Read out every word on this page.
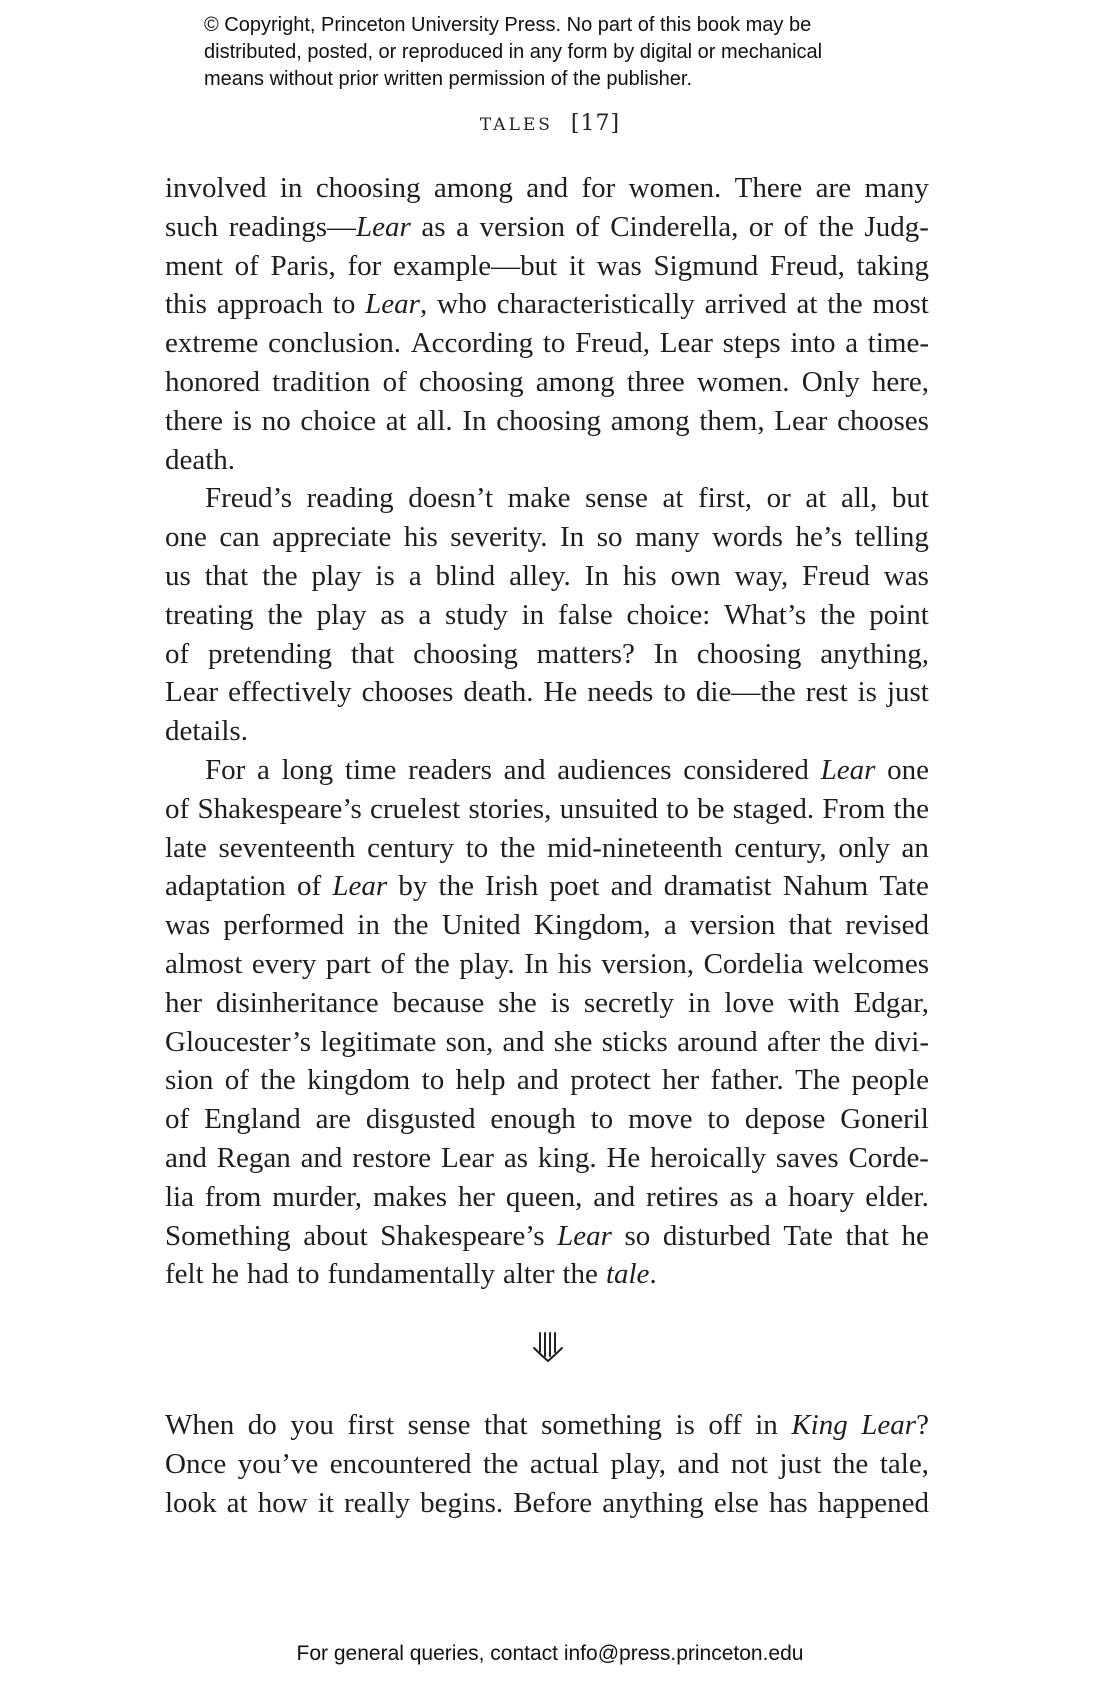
© Copyright, Princeton University Press. No part of this book may be
distributed, posted, or reproduced in any form by digital or mechanical
means without prior written permission of the publisher.
TALES [17]
involved in choosing among and for women. There are many
such readings—Lear as a version of Cinderella, or of the Judg-
ment of Paris, for example—but it was Sigmund Freud, taking
this approach to Lear, who characteristically arrived at the most
extreme conclusion. According to Freud, Lear steps into a time-
honored tradition of choosing among three women. Only here,
there is no choice at all. In choosing among them, Lear chooses
death.
Freud’s reading doesn’t make sense at first, or at all, but
one can appreciate his severity. In so many words he’s telling
us that the play is a blind alley. In his own way, Freud was
treating the play as a study in false choice: What’s the point
of pretending that choosing matters? In choosing anything,
Lear effectively chooses death. He needs to die—the rest is just
details.
For a long time readers and audiences considered Lear one
of Shakespeare’s cruelest stories, unsuited to be staged. From the
late seventeenth century to the mid-nineteenth century, only an
adaptation of Lear by the Irish poet and dramatist Nahum Tate
was performed in the United Kingdom, a version that revised
almost every part of the play. In his version, Cordelia welcomes
her disinheritance because she is secretly in love with Edgar,
Gloucester’s legitimate son, and she sticks around after the divi-
sion of the kingdom to help and protect her father. The people
of England are disgusted enough to move to depose Goneril
and Regan and restore Lear as king. He heroically saves Corde-
lia from murder, makes her queen, and retires as a hoary elder.
Something about Shakespeare’s Lear so disturbed Tate that he
felt he had to fundamentally alter the tale.
When do you first sense that something is off in King Lear?
Once you’ve encountered the actual play, and not just the tale,
look at how it really begins. Before anything else has happened
For general queries, contact info@press.princeton.edu
